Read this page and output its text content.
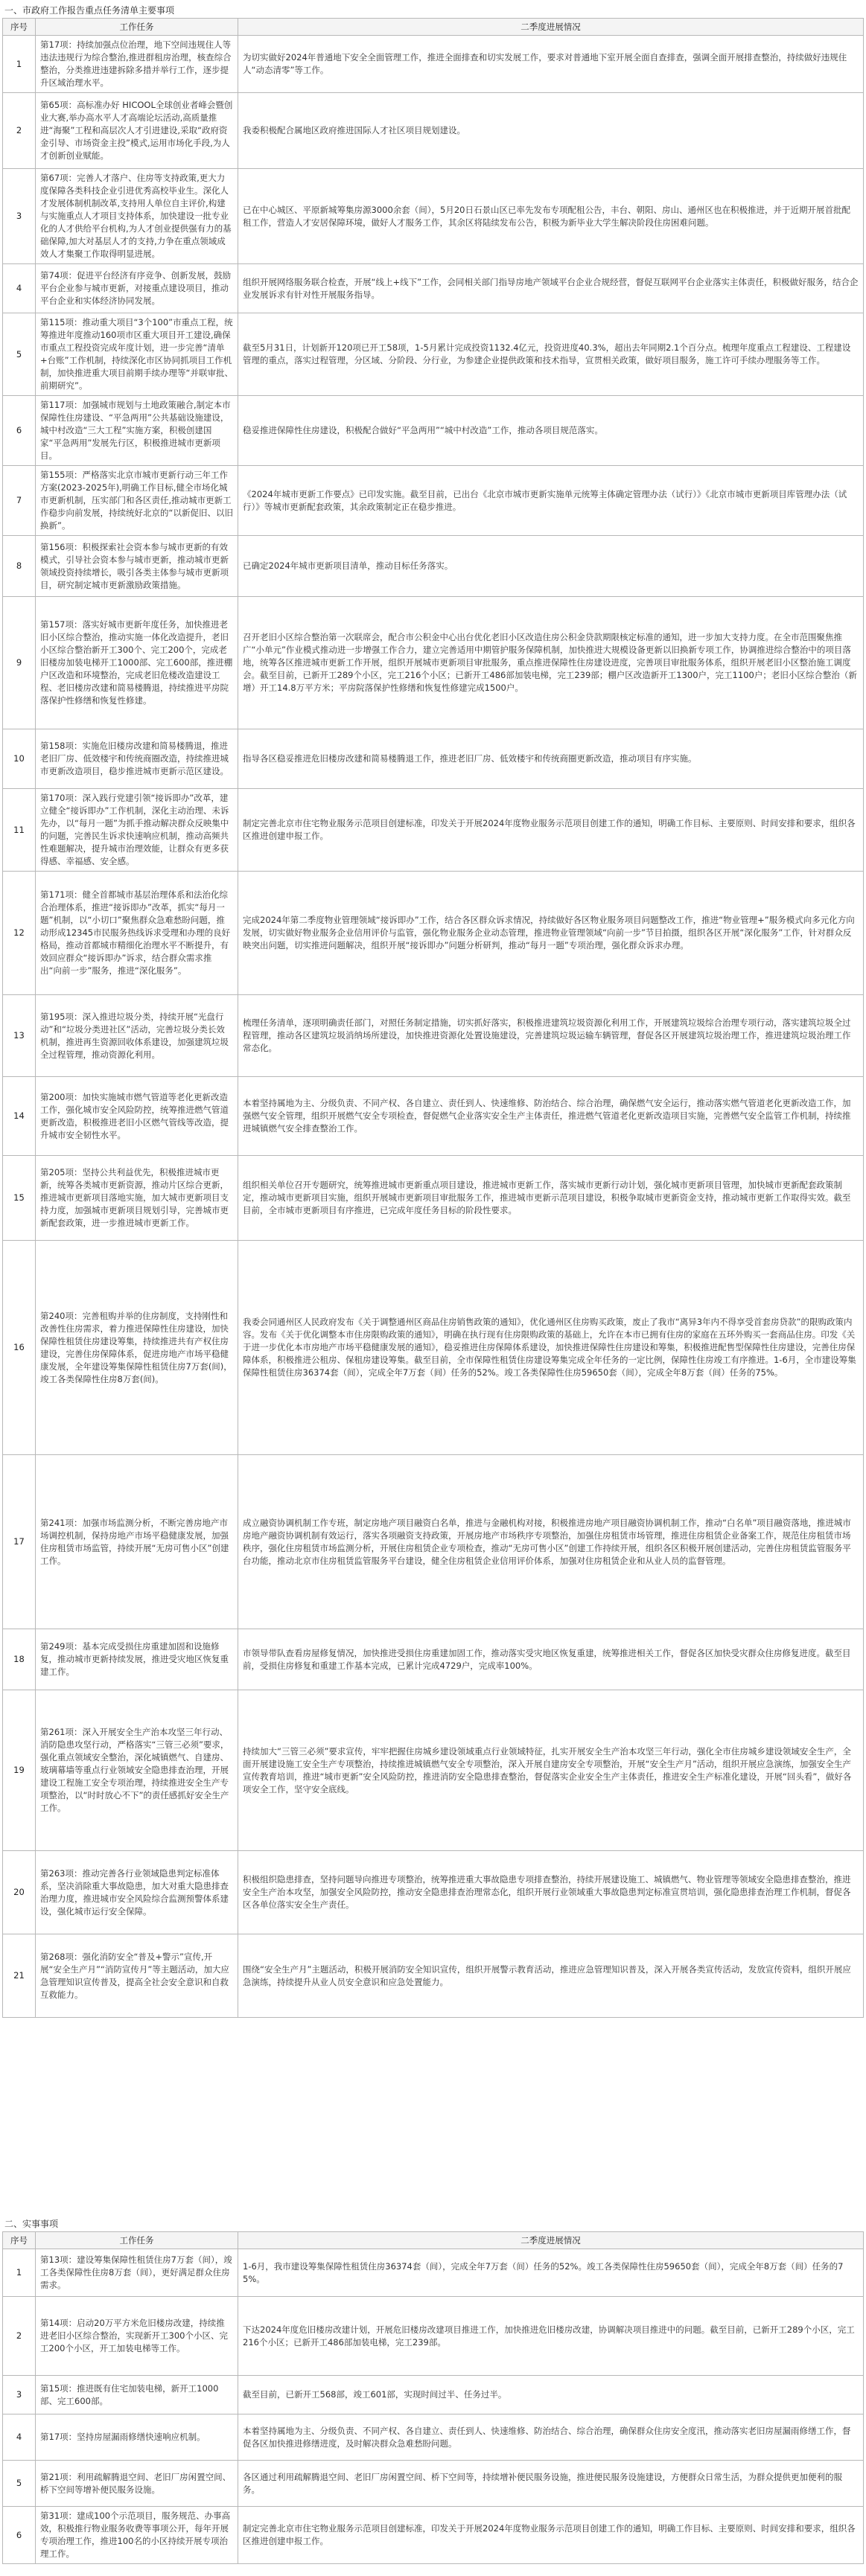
一、市政府工作报告重点任务清单主要事项
序号	工作任务	二季度进展情况
1	第17项：持续加强点位治理，地下空间违规住人等违法违规行为综合整治,推进群租房治理，核查综合整治，分类推进违建拆除多措并举行工作，逐步提升区域治理水平。	为切实做好2024年普通地下安全全面管理工作，推进全面排查和切实发展工作，要求对普通地下室开展全面自查排查，强调全面开展排查整治，持续做好违规住人“动态清零”等工作。
2	第65项：高标准办好 HICOOL全球创业者峰会暨创业大赛,举办高水平人才高端论坛活动,高质量推进“海聚”工程和高层次人才引进建设,采取“政府资金引导、市场资金主投”模式,运用市场化手段,为人才创新创业赋能。	我委积极配合属地区政府推进国际人才社区项目规划建设。
3	第67项：完善人才落户、住房等支持政策,更大力度保障各类科技企业引进优秀高校毕业生。深化人才发展体制机制改革,支持用人单位自主评价,构建与实施重点人才项目支持体系，加快建设一批专业化的人才供给平台机构,为人才创业提供强有力的基础保障,加大对基层人才的支持,力争在重点领域成效人才集聚工作取得明显进展。	已在中心城区、平原新城筹集房源3000余套（间），5月20日石景山区已率先发布专项配租公告，丰台、朝阳、房山、通州区也在积极推进，并于近期开展首批配租工作，营造人才安居保障环境，做好人才服务工作，其余区将陆续发布公告，积极为新毕业大学生解决阶段住房困难问题。
4	第74项：促进平台经济有序竞争、创新发展，鼓励平台企业参与城市更新，对接重点建设项目，推动平台企业和实体经济协同发展。	组织开展网络服务联合检查，开展“线上+线下”工作，会同相关部门指导房地产领域平台企业合规经营，督促互联网平台企业落实主体责任，积极做好服务，结合企业发展诉求有针对性开展服务指导。
5	第115项：推动重大项目“3个100”市重点工程，统筹推进年度推动160项市区重大项目开工建设,确保市重点工程投资完成年度计划，进一步完善“清单+台账”工作机制，持续深化市区协同抓项目工作机制，加快推进重大项目前期手续办理等“并联审批、前期研究”。	截至5月31日，计划新开120项已开工58项，1-5月累计完成投资1132.4亿元，投资进度40.3%，超出去年同期2.1个百分点。梳理年度重点工程建设、工程建设管理的重点，落实过程管理，分区域、分阶段、分行业，为参建企业提供政策和技术指导，宣贯相关政策，做好项目服务，施工许可手续办理服务等工作。
6	第117项：加强城市规划与土地政策融合,制定本市保障性住房建设、“平急两用”公共基础设施建设，城中村改造“三大工程”实施方案，积极创建国家“平急两用”发展先行区，积极推进城市更新项目。	稳妥推进保障性住房建设，积极配合做好“平急两用”“城中村改造”工作，推动各项目规范落实。
7	第155项：严格落实北京市城市更新行动三年工作方案(2023-2025年),明确工作目标,健全市场化城市更新机制，压实部门和各区责任,推动城市更新工作稳步向前发展，持续统好北京的“以新促旧、以旧换新”。	《2024年城市更新工作要点》已印发实施。截至目前，已出台《北京市城市更新实施单元统筹主体确定管理办法（试行）》《北京市城市更新项目库管理办法（试行）》等城市更新配套政策，其余政策制定正在稳步推进。
8	第156项：积极探索社会资本参与城市更新的有效模式，引导社会资本参与城市更新，推动城市更新领域投资持续增长，吸引各类主体参与城市更新项目，研究制定城市更新激励政策措施。	已确定2024年城市更新项目清单，推动目标任务落实。
9	第157项：落实好城市更新年度任务，加快推进老旧小区综合整治，推动实施一体化改造提升，老旧小区综合整治新开工300个、完工200个，完成老旧楼房加装电梯开工1000部、完工600部，推进棚户区改造和环境整治，完成老旧危楼改造建设工程、老旧楼房改建和简易楼腾退，持续推进平房院落保护性修缮和恢复性修建。	召开老旧小区综合整治第一次联席会，配合市公积金中心出台优化老旧小区改造住房公积金贷款期限核定标准的通知，进一步加大支持力度。在全市范围聚焦推广“小单元”作业模式推动进一步增强工作合力，建立完善适用中期管护服务保障机制，加快推进大规模设备更新以旧换新专项工作，协调推进综合整治中的项目落地，统筹各区推进城市更新工作开展，组织开展城市更新项目审批服务，重点推进保障性住房建设进度，完善项目审批服务体系，组织开展老旧小区整治施工调度会。截至目前，已新开工289个小区，完工216个小区；已新开工486部加装电梯，完工239部；棚户区改造新开工1300户，完工1100户；老旧小区综合整治（新增）开工14.8万平方米；平房院落保护性修缮和恢复性修建完成1500户。
10	第158项：实施危旧楼房改建和简易楼腾退，推进老旧厂房、低效楼宇和传统商圈改造，持续推进城市更新改造项目，稳步推进城市更新示范区建设。	指导各区稳妥推进危旧楼房改建和简易楼腾退工作，推进老旧厂房、低效楼宇和传统商圈更新改造，推动项目有序实施。
11	第170项：深入践行党建引领“接诉即办”改革，建立健全“接诉即办”工作机制，深化主动治理、未诉先办，以“每月一题”为抓手推动解决群众反映集中的问题，完善民生诉求快速响应机制，推动高频共性难题解决，提升城市治理效能，让群众有更多获得感、幸福感、安全感。	制定完善北京市住宅物业服务示范项目创建标准，印发关于开展2024年度物业服务示范项目创建工作的通知，明确工作目标、主要原则、时间安排和要求，组织各区推进创建申报工作。
12	第171项：健全首都城市基层治理体系和法治化综合治理体系，推进“接诉即办”改革，抓实“每月一题”机制，以“小切口”聚焦群众急难愁盼问题，推动形成12345市民服务热线诉求受理和办理的良好格局，推动首都城市精细化治理水平不断提升，有效回应群众“接诉即办”诉求，结合群众需求推出“向前一步”服务，推进“深化服务”。	完成2024年第二季度物业管理领域“接诉即办”工作，结合各区群众诉求情况，持续做好各区物业服务项目问题整改工作，推进“物业管理+”服务模式向多元化方向发展，切实做好物业服务企业信用评价与监管，强化物业服务企业动态管理，推进物业管理领域“向前一步”节目拍摄，组织各区开展“深化服务”工作，针对群众反映突出问题，切实推进问题解决，组织开展“接诉即办”问题分析研判，推动“每月一题”专项治理，强化群众诉求办理。
13	第195项：深入推进垃圾分类，持续开展“光盘行动”和“垃圾分类进社区”活动，完善垃圾分类长效机制，推进再生资源回收体系建设，加强建筑垃圾全过程管理，推动资源化利用。	梳理任务清单，逐项明确责任部门，对照任务制定措施，切实抓好落实，积极推进建筑垃圾资源化利用工作，开展建筑垃圾综合治理专项行动，落实建筑垃圾全过程管理，推动各区建筑垃圾消纳场所建设，加快推进资源化处置设施建设，完善建筑垃圾运输车辆管理，督促各区开展建筑垃圾治理工作，推进建筑垃圾治理工作常态化。
14	第200项：加快实施城市燃气管道等老化更新改造工作，强化城市安全风险防控，统筹推进燃气管道更新改造，积极推进老旧小区燃气管线等改造，提升城市安全韧性水平。	本着坚持属地为主、分级负责、不同产权、各自建立、责任到人、快速维修、防治结合、综合治理，确保燃气安全运行，推动落实燃气管道老化更新改造工作，加强燃气安全管理，组织开展燃气安全专项检查，督促燃气企业落实安全生产主体责任，推进燃气管道老化更新改造项目实施，完善燃气安全监管工作机制，持续推进城镇燃气安全排查整治工作。
15	第205项：坚持公共利益优先，积极推进城市更新，统筹各类城市更新资源，推动片区综合更新，推进城市更新项目落地实施，加大城市更新项目支持力度，加强城市更新项目规划引导，完善城市更新配套政策，进一步推进城市更新工作。	组织相关单位召开专题研究，统筹推进城市更新重点项目建设，推进城市更新工作，落实城市更新行动计划，强化城市更新项目管理，加快城市更新配套政策制定，推动城市更新项目实施，组织开展城市更新项目审批服务工作，推进城市更新示范项目建设，积极争取城市更新资金支持，推动城市更新工作取得实效。截至目前，全市城市更新项目有序推进，已完成年度任务目标的阶段性要求。
16	第240项：完善租购并举的住房制度，支持刚性和改善性住房需求，着力推进保障性住房建设，加快保障性租赁住房建设筹集，持续推进共有产权住房建设，完善住房保障体系，促进房地产市场平稳健康发展，全年建设筹集保障性租赁住房7万套(间)，竣工各类保障性住房8万套(间)。	我委会同通州区人民政府发布《关于调整通州区商品住房销售政策的通知》，优化通州区住房购买政策，废止了我市“离异3年内不得享受首套房贷款”的限购政策内容。发布《关于优化调整本市住房限购政策的通知》，明确在执行现有住房限购政策的基础上，允许在本市已拥有住房的家庭在五环外购买一套商品住房。印发《关于进一步优化本市房地产市场平稳健康发展的通知》，稳妥推进住房保障体系建设，加快推进保障性住房建设和筹集，积极推进配售型保障性住房建设，完善住房保障体系，积极推进公租房、保租房建设筹集。截至目前，全市保障性租赁住房建设筹集完成全年任务的一定比例，保障性住房竣工有序推进。1-6月，全市建设筹集保障性租赁住房36374套（间），完成全年7万套（间）任务的52%。竣工各类保障性住房59650套（间），完成全年8万套（间）任务的75%。
17	第241项：加强市场监测分析，不断完善房地产市场调控机制，保持房地产市场平稳健康发展，加强住房租赁市场监管，持续开展“无房可售小区”创建工作。	成立融资协调机制工作专班，制定房地产项目融资白名单，推进与金融机构对接，积极推进房地产项目融资协调机制工作，推动“白名单”项目融资落地，推进城市房地产融资协调机制有效运行，落实各项融资支持政策，开展房地产市场秩序专项整治，加强住房租赁市场管理，推进住房租赁企业备案工作，规范住房租赁市场秩序，强化住房租赁市场监测分析，开展住房租赁企业专项检查，推动“无房可售小区”创建工作持续开展，组织各区积极开展创建活动，完善住房租赁监管服务平台功能，推动北京市住房租赁监管服务平台建设，健全住房租赁企业信用评价体系，加强对住房租赁企业和从业人员的监督管理。
18	第249项：基本完成受损住房重建加固和设施修复，推动城市更新持续发展，推进受灾地区恢复重建工作。	市领导带队查看房屋修复情况，加快推进受损住房重建加固工作，推动落实受灾地区恢复重建，统筹推进相关工作，督促各区加快受灾群众住房修复进度。截至目前，受损住房修复和重建工作基本完成，已累计完成4729户，完成率100%。
19	第261项：深入开展安全生产治本攻坚三年行动、消防隐患攻坚行动，严格落实“三管三必须”要求，强化重点领域安全整治，深化城镇燃气、自建房、玻璃幕墙等重点行业领域安全隐患排查治理，开展建设工程施工安全专项治理，持续推进安全生产专项整治，以“时时放心不下”的责任感抓好安全生产工作。	持续加大“三管三必须”要求宣传，牢牢把握住房城乡建设领域重点行业领域特征，扎实开展安全生产治本攻坚三年行动，强化全市住房城乡建设领域安全生产，全面开展建设施工安全生产专项整治，持续推进城镇燃气安全专项整治，深入开展自建房安全专项整治，开展“安全生产月”活动，组织开展应急演练，加强安全生产宣传教育培训，推进“城市更新”安全风险防控，推进消防安全隐患排查整治，督促落实企业安全生产主体责任，推进安全生产标准化建设，开展“回头看”，做好各项安全工作，坚守安全底线。
20	第263项：推动完善各行业领域隐患判定标准体系，坚决消除重大事故隐患，加大对重大隐患排查治理力度，推进城市安全风险综合监测预警体系建设，强化城市运行安全保障。	积极组织隐患排查，坚持问题导向推进专项整治，统筹推进重大事故隐患专项排查整治，持续开展建设施工、城镇燃气、物业管理等领域安全隐患排查整治，推进安全生产治本攻坚，加强安全风险防控，推动安全隐患排查治理常态化，组织开展行业领域重大事故隐患判定标准宣贯培训，强化隐患排查治理工作机制，督促各区各单位落实安全生产责任。
21	第268项：强化消防安全“普及+警示”宣传,开展“安全生产月”“消防宣传月”等主题活动，加大应急管理知识宣传普及，提高全社会安全意识和自救互救能力。	围绕“安全生产月”主题活动，积极开展消防安全知识宣传，组织开展警示教育活动，推进应急管理知识普及，深入开展各类宣传活动，发放宣传资料，组织开展应急演练，持续提升从业人员安全意识和应急处置能力。
二、实事事项
序号	工作任务	二季度进展情况
1	第13项：建设筹集保障性租赁住房7万套（间），竣工各类保障性住房8万套（间），更好满足群众住房需求。	1-6月，我市建设筹集保障性租赁住房36374套（间），完成全年7万套（间）任务的52%。竣工各类保障性住房59650套（间），完成全年8万套（间）任务的75%。
2	第14项：启动20万平方米危旧楼房改建，持续推进老旧小区综合整治，实现新开工300个小区、完工200个小区，开工加装电梯等工作。	下达2024年度危旧楼房改建计划，开展危旧楼房改建项目推进工作，加快推进危旧楼房改建，协调解决项目推进中的问题。截至目前，已新开工289个小区，完工216个小区；已新开工486部加装电梯，完工239部。
3	第15项：推进既有住宅加装电梯，新开工1000部、完工600部。	截至目前，已新开工568部，竣工601部，实现时间过半、任务过半。
4	第17项：坚持房屋漏雨修缮快速响应机制。	本着坚持属地为主、分级负责、不同产权、各自建立、责任到人、快速维修、防治结合、综合治理，确保群众住房安全度汛，推动落实老旧房屋漏雨修缮工作，督促各区加快推进修缮进度，及时解决群众急难愁盼问题。
5	第21项：利用疏解腾退空间、老旧厂房闲置空间、桥下空间等增补便民服务设施。	各区通过利用疏解腾退空间、老旧厂房闲置空间、桥下空间等，持续增补便民服务设施，推进便民服务设施建设，方便群众日常生活，为群众提供更加便利的服务。
6	第31项：建成100个示范项目，服务规范、办事高效，积极推行物业服务收费等事项公开，每年开展专项治理工作，推进100名的小区持续开展专项治理工作。	制定完善北京市住宅物业服务示范项目创建标准，印发关于开展2024年度物业服务示范项目创建工作的通知，明确工作目标、主要原则、时间安排和要求，组织各区推进创建申报工作。
